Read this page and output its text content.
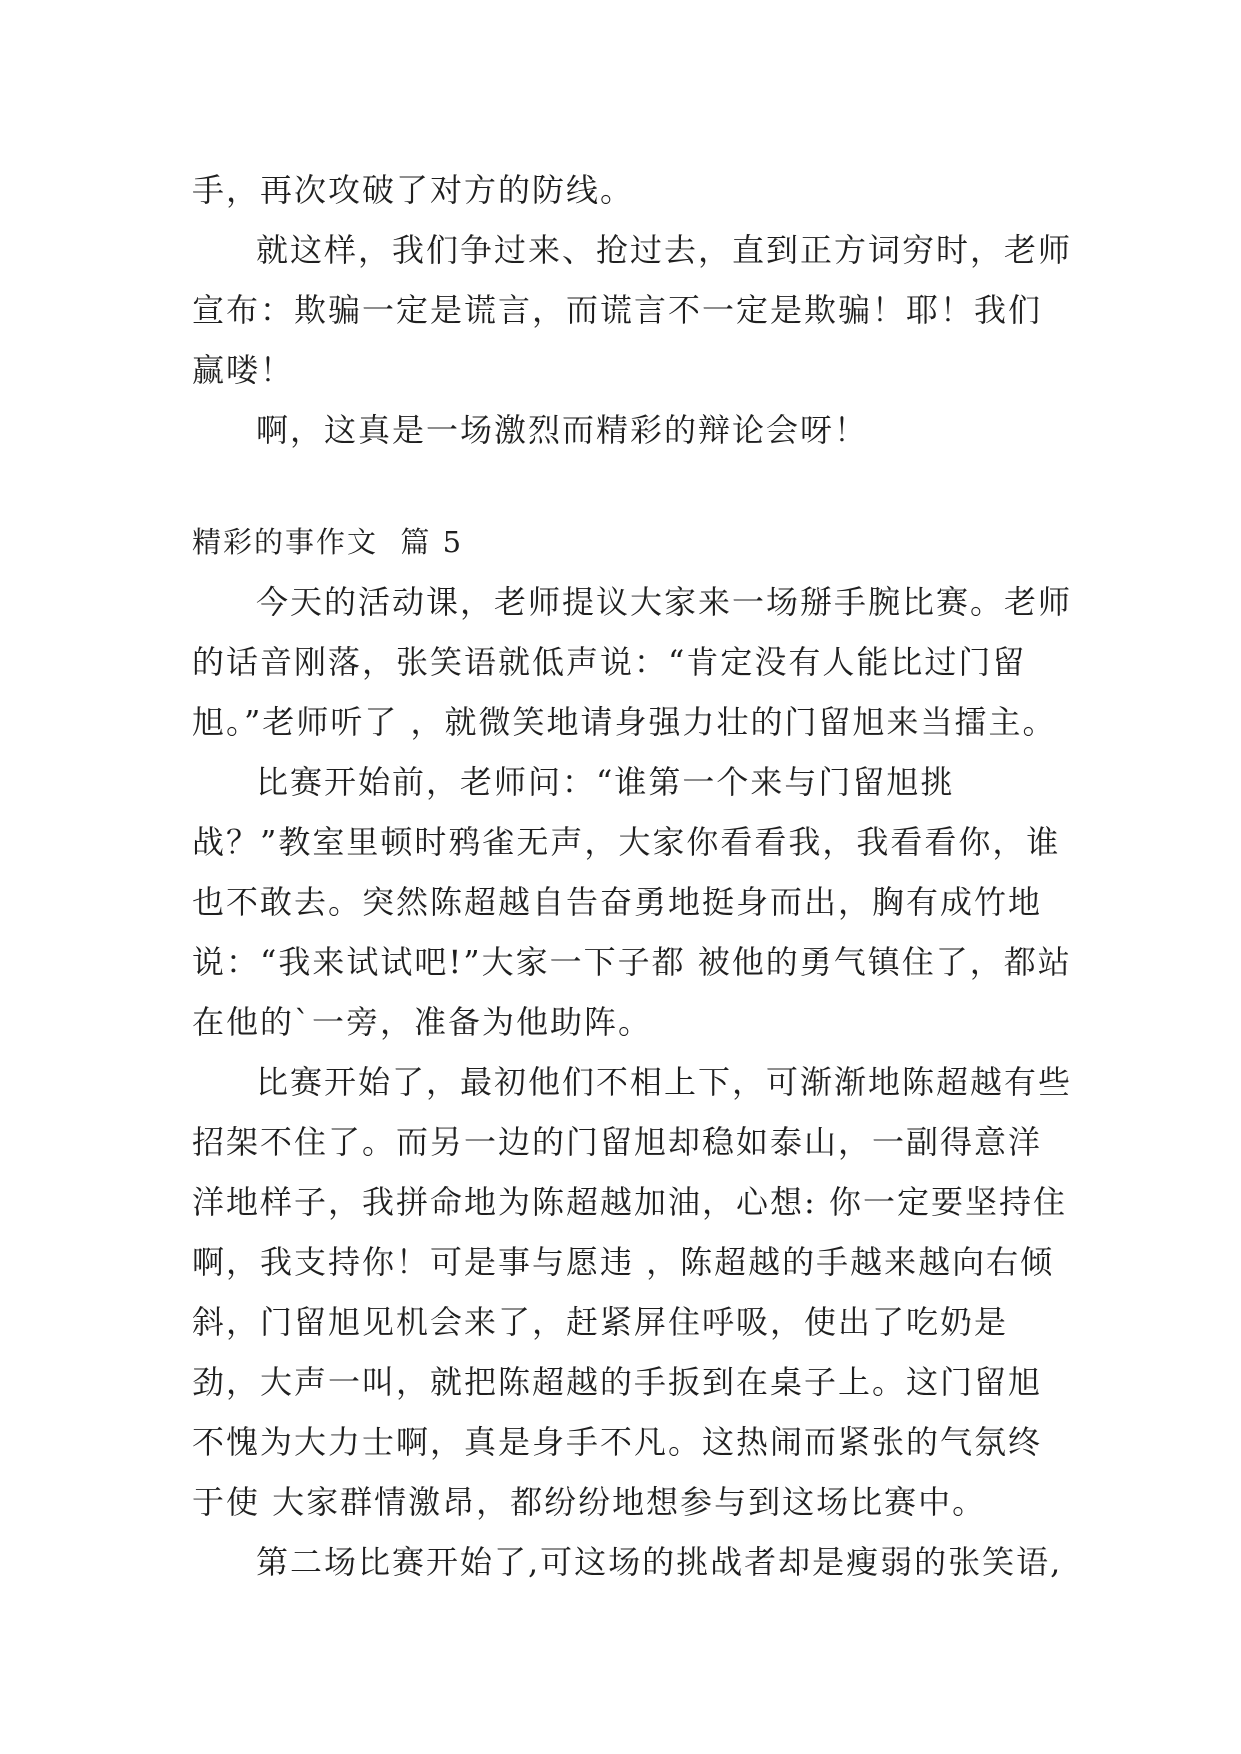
手，再次攻破了对方的防线。

就这样，我们争过来、抢过去，直到正方词穷时，老师宣布：欺骗一定是谎言，而谎言不一定是欺骗！耶！我们赢喽！

啊，这真是一场激烈而精彩的辩论会呀！

精彩的事作文  篇 5

今天的活动课，老师提议大家来一场掰手腕比赛。老师的话音刚落，张笑语就低声说：“肯定没有人能比过门留旭。”老师听了 ，就微笑地请身强力壮的门留旭来当擂主。

比赛开始前，老师问：“谁第一个来与门留旭挑战？”教室里顿时鸦雀无声，大家你看看我，我看看你，谁也不敢去。突然陈超越自告奋勇地挺身而出，胸有成竹地说：“我来试试吧!”大家一下子都 被他的勇气镇住了，都站在他的`一旁，准备为他助阵。

比赛开始了，最初他们不相上下，可渐渐地陈超越有些招架不住了。而另一边的门留旭却稳如泰山，一副得意洋洋地样子，我拼命地为陈超越加油，心想: 你一定要坚持住啊，我支持你！可是事与愿违 ，陈超越的手越来越向右倾斜，门留旭见机会来了，赶紧屏住呼吸，使出了吃奶是劲，大声一叫，就把陈超越的手扳到在桌子上。这门留旭不愧为大力士啊，真是身手不凡。这热闹而紧张的气氛终于使 大家群情激昂，都纷纷地想参与到这场比赛中。

第二场比赛开始了,可这场的挑战者却是瘦弱的张笑语,
